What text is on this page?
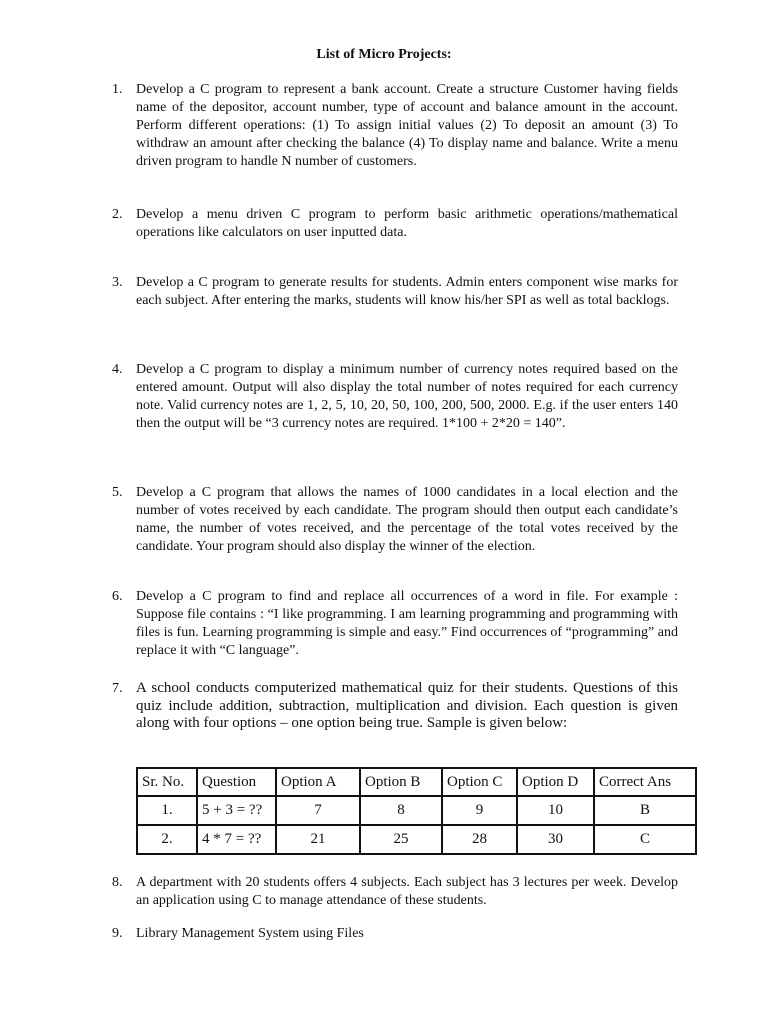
List of Micro Projects:
1. Develop a C program to represent a bank account. Create a structure Customer having fields name of the depositor, account number, type of account and balance amount in the account. Perform different operations: (1) To assign initial values (2) To deposit an amount (3) To withdraw an amount after checking the balance (4) To display name and balance. Write a menu driven program to handle N number of customers.
2. Develop a menu driven C program to perform basic arithmetic operations/mathematical operations like calculators on user inputted data.
3. Develop a C program to generate results for students. Admin enters component wise marks for each subject. After entering the marks, students will know his/her SPI as well as total backlogs.
4. Develop a C program to display a minimum number of currency notes required based on the entered amount. Output will also display the total number of notes required for each currency note. Valid currency notes are 1, 2, 5, 10, 20, 50, 100, 200, 500, 2000. E.g. if the user enters 140 then the output will be “3 currency notes are required. 1*100 + 2*20 = 140”.
5. Develop a C program that allows the names of 1000 candidates in a local election and the number of votes received by each candidate. The program should then output each candidate’s name, the number of votes received, and the percentage of the total votes received by the candidate. Your program should also display the winner of the election.
6. Develop a C program to find and replace all occurrences of a word in file. For example : Suppose file contains : “I like programming. I am learning programming and programming with files is fun. Learning programming is simple and easy.” Find occurrences of “programming” and replace it with “C language”.
7. A school conducts computerized mathematical quiz for their students. Questions of this quiz include addition, subtraction, multiplication and division. Each question is given along with four options – one option being true. Sample is given below:
Sr. No.	Question	Option A	Option B	Option C	Option D	Correct Ans
1.	5 + 3 = ??	7	8	9	10	B
2.	4 * 7 = ??	21	25	28	30	C
8. A department with 20 students offers 4 subjects. Each subject has 3 lectures per week. Develop an application using C to manage attendance of these students.
9. Library Management System using Files
